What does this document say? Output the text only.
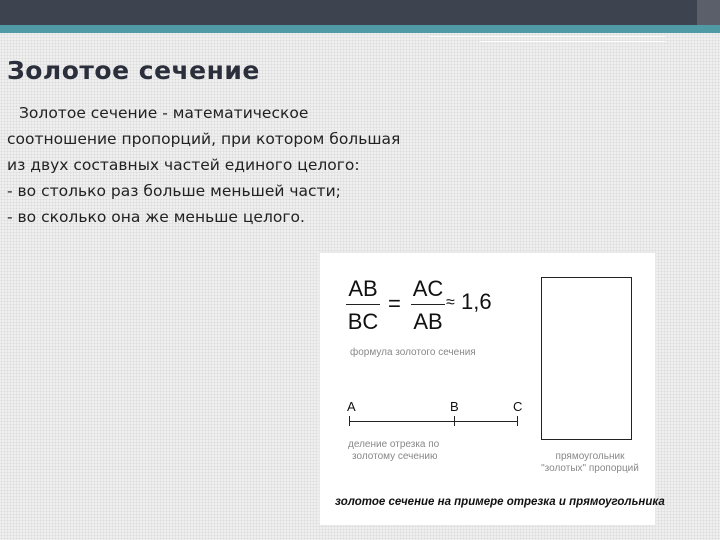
Золотое сечение

Золотое сечение - математическое

соотношение пропорций, при котором большая

из двух составных частей единого целого:

- во столько раз больше меньшей части;

- во сколько она же меньше целого.

AB
BC
=
AC
AB
≈ 1,6
формула золотого сечения
A	B	C
деление отрезка по
золотому сечению	прямоугольник
"золотых" пропорций
золотое сечение на примере отрезка и прямоугольника
